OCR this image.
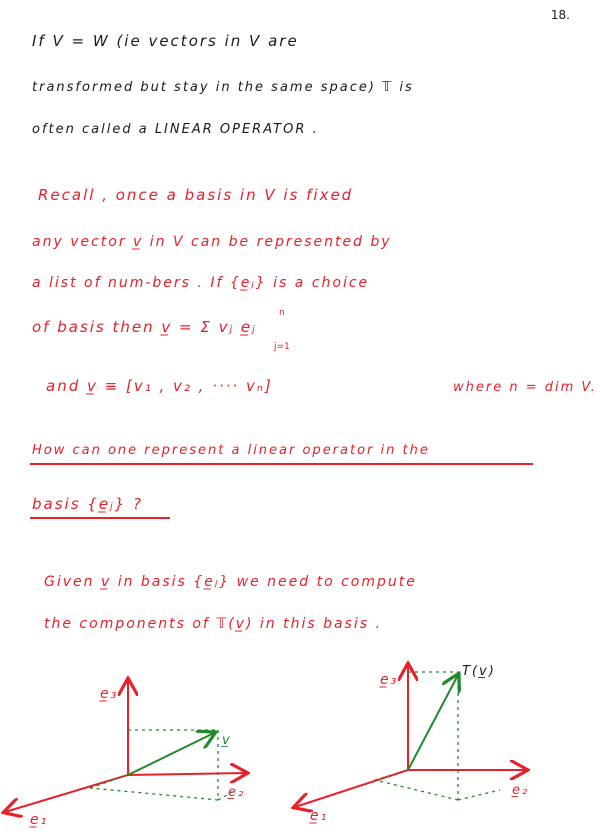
18.
If V = W (ie vectors in V are
transformed but stay in the same space) 𝕋 is
often called a LINEAR OPERATOR .
Recall , once a basis in V is fixed
any vector v̲ in V can be represented by
a list of num-bers . If {e̲ⱼ} is a choice
of basis then v̲ = Σ vⱼ e̲ⱼ
n
j=1
and v̲ ≡ [v₁ , v₂ , ···· vₙ]	where n = dim V.
How can one represent a linear operator in the
basis {e̲ⱼ} ?
Given v̲ in basis {e̲ⱼ} we need to compute
the components of 𝕋(v̲) in this basis .
e̲₃
e̲₂
e̲₁
v̲
e̲₃
e̲₂
e̲₁
T(v̲)
